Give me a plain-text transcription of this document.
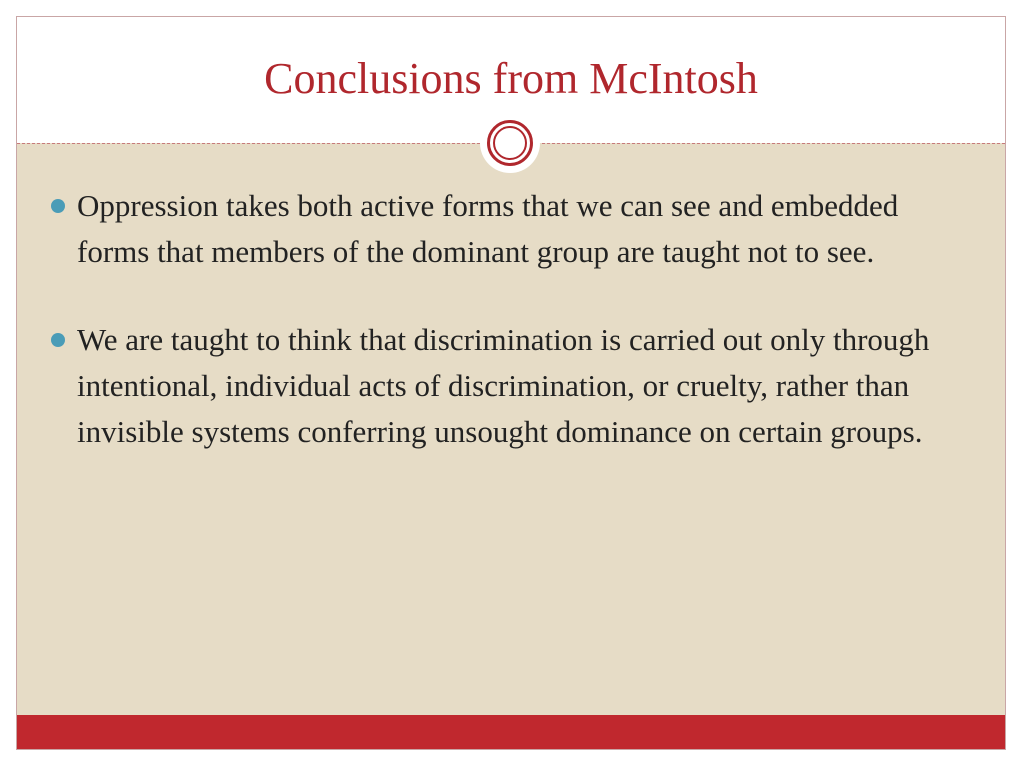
Conclusions from McIntosh
Oppression takes both active forms that we can see and embedded forms that members of the dominant group are taught not to see.
We are taught to think that discrimination is carried out only through intentional, individual acts of discrimination, or cruelty, rather than invisible systems conferring unsought dominance on certain groups.
